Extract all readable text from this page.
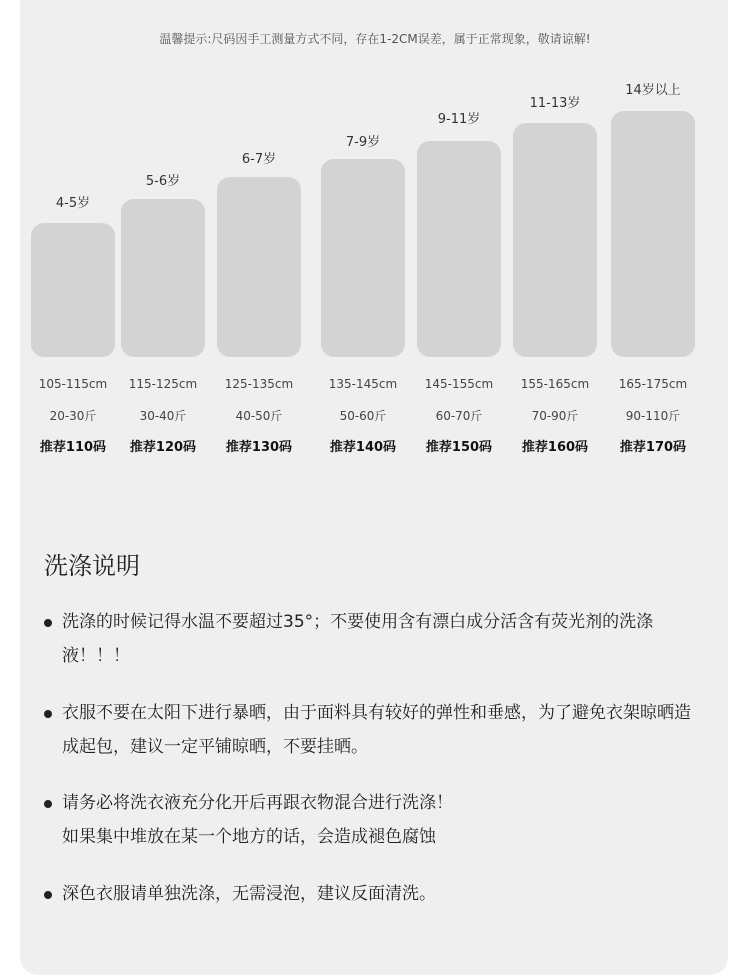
温馨提示:尺码因手工测量方式不同，存在1-2CM误差，属于正常现象，敬请谅解!
4-5岁
105-115cm
20-30斤
推荐110码
5-6岁
115-125cm
30-40斤
推荐120码
6-7岁
125-135cm
40-50斤
推荐130码
7-9岁
135-145cm
50-60斤
推荐140码
9-11岁
145-155cm
60-70斤
推荐150码
11-13岁
155-165cm
70-90斤
推荐160码
14岁以上
165-175cm
90-110斤
推荐170码
洗涤说明
洗涤的时候记得水温不要超过35°；不要使用含有漂白成分活含有荧光剂的洗涤液！！！
衣服不要在太阳下进行暴晒，由于面料具有较好的弹性和垂感，为了避免衣架晾晒造成起包，建议一定平铺晾晒，不要挂晒。
请务必将洗衣液充分化开后再跟衣物混合进行洗涤！
如果集中堆放在某一个地方的话，会造成褪色腐蚀
深色衣服请单独洗涤，无需浸泡，建议反面清洗。
